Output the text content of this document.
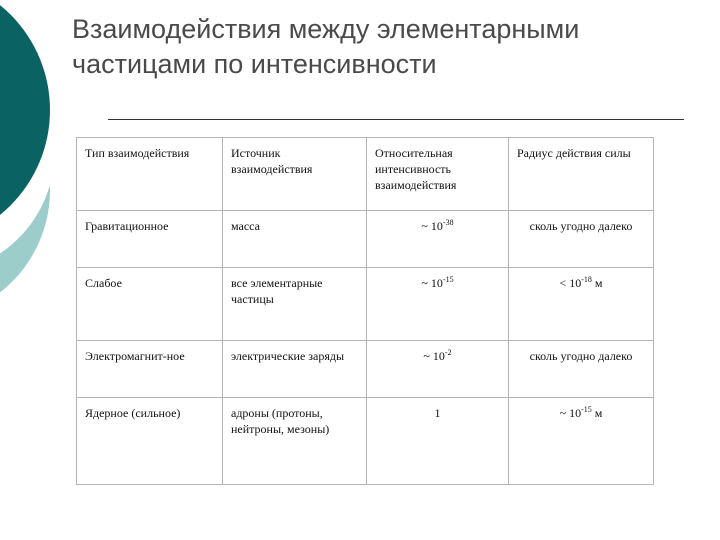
Взаимодействия между элементарными
частицами по интенсивности
Тип взаимодействия	Источник взаимодействия	Относительная интенсивность взаимодействия	Радиус действия силы
Гравитационное	масса	~ $10^{-38}$	сколь угодно далеко
Слабое	все элементарные частицы	~ $10^{-15}$	< $10^{-18}$ м
Электромагнит-ное	электрические заряды	~ $10^{-2}$	сколь угодно далеко
Ядерное (сильное)	адроны (протоны, нейтроны, мезоны)	1	~ $10^{-15}$ м
